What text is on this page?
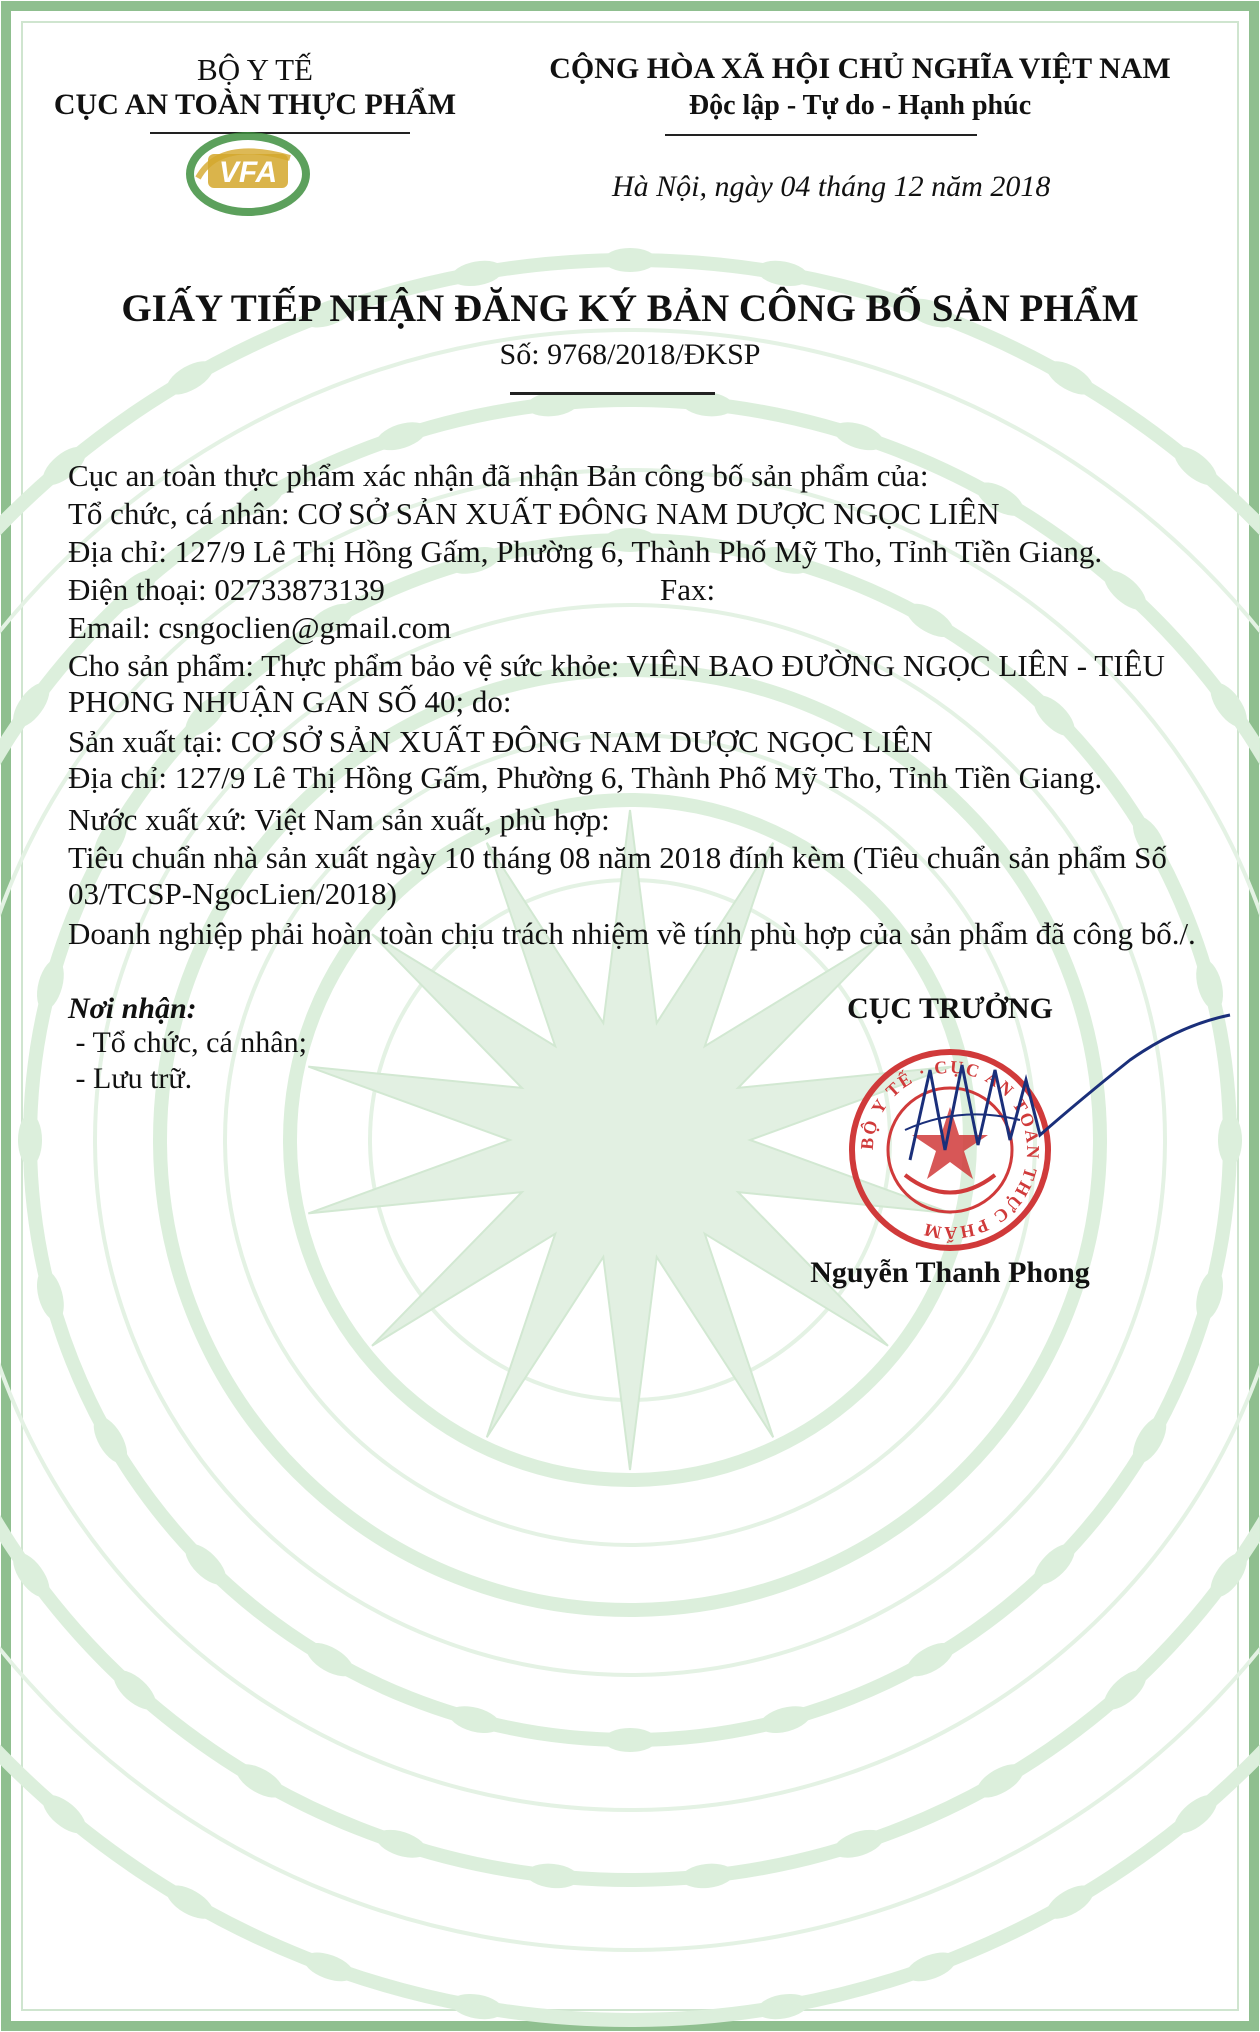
BỘ Y TẾ
CỤC AN TOÀN THỰC PHẨM
VFA
CỘNG HÒA XÃ HỘI CHỦ NGHĨA VIỆT NAM
Độc lập - Tự do - Hạnh phúc
Hà Nội, ngày 04 tháng 12 năm 2018
GIẤY TIẾP NHẬN ĐĂNG KÝ BẢN CÔNG BỐ SẢN PHẨM
Số: 9768/2018/ĐKSP
Cục an toàn thực phẩm xác nhận đã nhận Bản công bố sản phẩm của:
Tổ chức, cá nhân: CƠ SỞ SẢN XUẤT ĐÔNG NAM DƯỢC NGỌC LIÊN
Địa chỉ: 127/9 Lê Thị Hồng Gấm, Phường 6, Thành Phố Mỹ Tho, Tỉnh Tiền Giang.
Điện thoại: 02733873139	Fax:
Email: csngoclien@gmail.com
Cho sản phẩm: Thực phẩm bảo vệ sức khỏe: VIÊN BAO ĐƯỜNG NGỌC LIÊN - TIÊU PHONG NHUẬN GAN SỐ 40; do:
Sản xuất tại: CƠ SỞ SẢN XUẤT ĐÔNG NAM DƯỢC NGỌC LIÊN
Địa chỉ: 127/9 Lê Thị Hồng Gấm, Phường 6, Thành Phố Mỹ Tho, Tỉnh Tiền Giang.
Nước xuất xứ: Việt Nam sản xuất, phù hợp:
Tiêu chuẩn nhà sản xuất ngày 10 tháng 08 năm 2018 đính kèm (Tiêu chuẩn sản phẩm Số 03/TCSP-NgocLien/2018)
Doanh nghiệp phải hoàn toàn chịu trách nhiệm về tính phù hợp của sản phẩm đã công bố./.
Nơi nhận:
- Tổ chức, cá nhân;
- Lưu trữ.
CỤC TRƯỞNG
BỘ Y TẾ · CỤC AN TOÀN THỰC PHẨM
Nguyễn Thanh Phong
